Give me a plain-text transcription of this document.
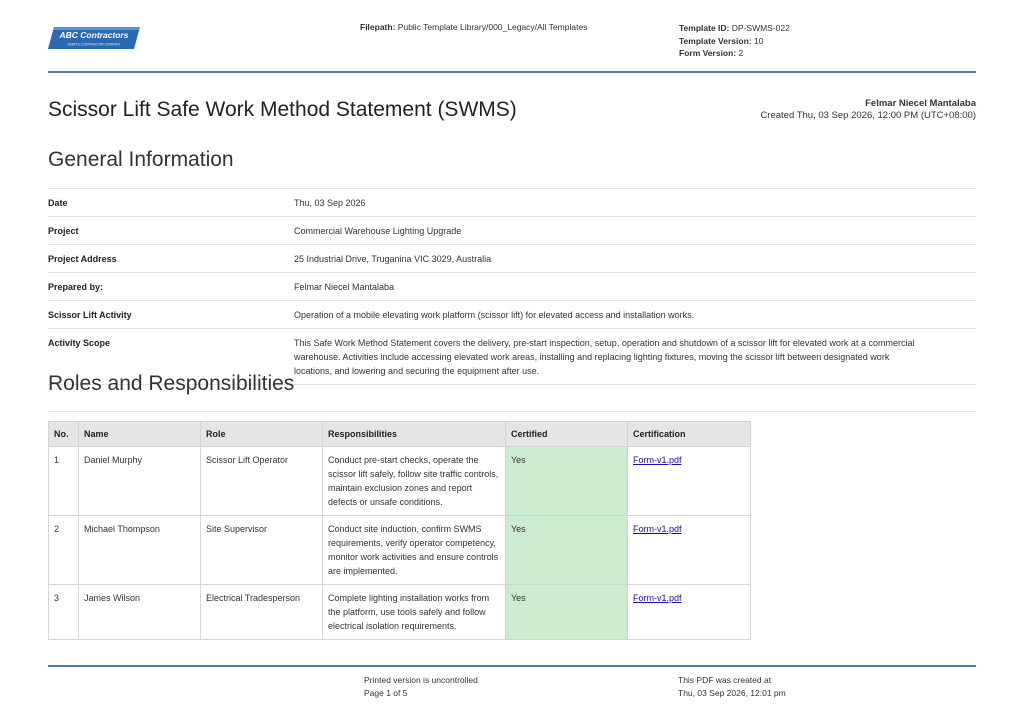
ABC Contractors
SAMPLE CONTRACTOR COMPANY
Filepath: Public Template Library/000_Legacy/All Templates	Template ID: DP-SWMS-022
Template Version: 10
Form Version: 2
Scissor Lift Safe Work Method Statement (SWMS)	Felmar Niecel Mantalaba
Created Thu, 03 Sep 2026, 12:00 PM (UTC+08:00)
General Information
Date	Thu, 03 Sep 2026
Project	Commercial Warehouse Lighting Upgrade
Project Address	25 Industrial Drive, Truganina VIC 3029, Australia
Prepared by:	Felmar Niecel Mantalaba
Scissor Lift Activity	Operation of a mobile elevating work platform (scissor lift) for elevated access and installation works.
Activity Scope	This Safe Work Method Statement covers the delivery, pre-start inspection, setup, operation and shutdown of a scissor lift for elevated work at a commercial warehouse. Activities include accessing elevated work areas, installing and replacing lighting fixtures, moving the scissor lift between designated work locations, and lowering and securing the equipment after use.
Roles and Responsibilities
No.	Name	Role	Responsibilities	Certified	Certification
1	Daniel Murphy	Scissor Lift Operator	Conduct pre-start checks, operate the scissor lift safely, follow site traffic controls, maintain exclusion zones and report defects or unsafe conditions.	Yes	Form-v1.pdf
2	Michael Thompson	Site Supervisor	Conduct site induction, confirm SWMS requirements, verify operator competency, monitor work activities and ensure controls are implemented.	Yes	Form-v1.pdf
3	James Wilson	Electrical Tradesperson	Complete lighting installation works from the platform, use tools safely and follow electrical isolation requirements.	Yes	Form-v1.pdf
Printed version is uncontrolled
Page 1 of 5
This PDF was created at
Thu, 03 Sep 2026, 12:01 pm
